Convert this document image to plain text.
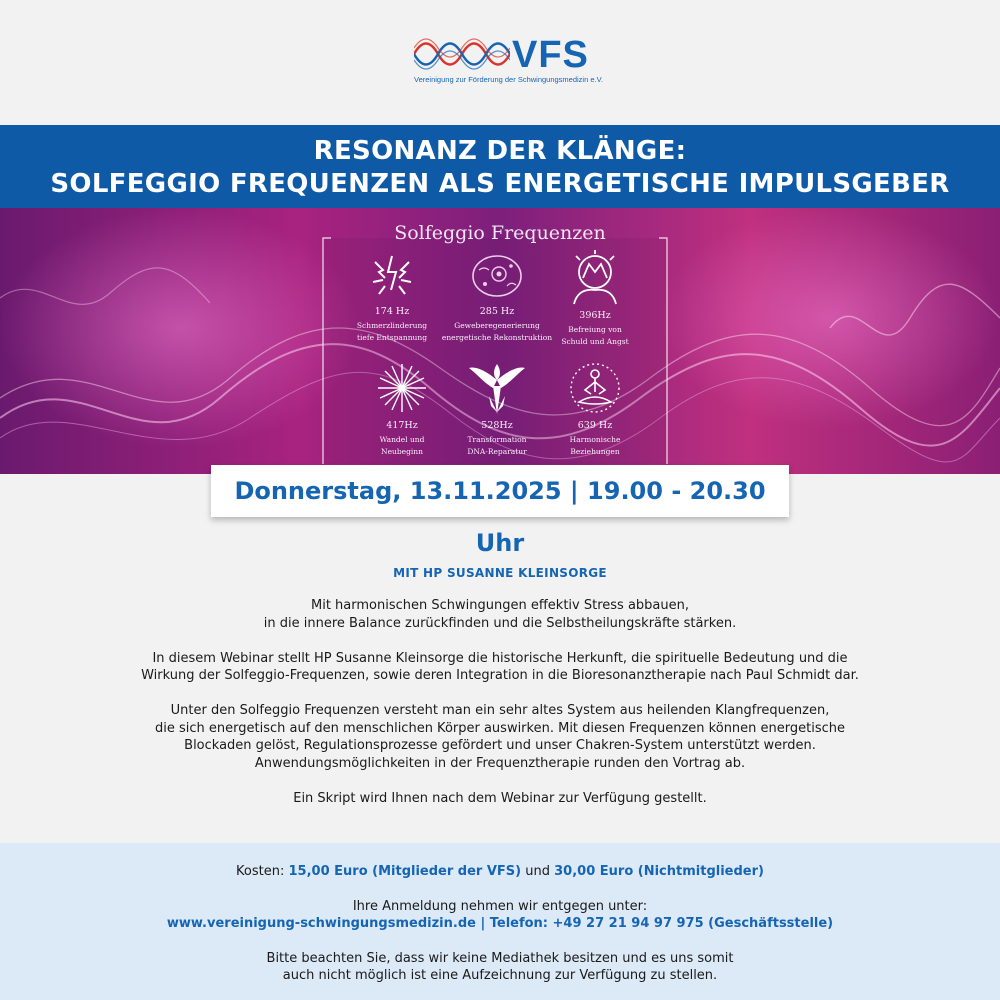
VFS
Vereinigung zur Förderung der Schwingungsmedizin e.V.
RESONANZ DER KLÄNGE:
SOLFEGGIO FREQUENZEN ALS ENERGETISCHE IMPULSGEBER
Solfeggio Frequenzen
174 Hz
Schmerzlinderung
tiefe Entspannung
285 Hz
Geweberegenerierung
energetische Rekonstruktion
396Hz
Befreiung von
Schuld und Angst
417Hz
Wandel und
Neubeginn
528Hz
Transformation
DNA-Reparatur
639 Hz
Harmonische
Beziehungen
Donnerstag, 13.11.2025 | 19.00 - 20.30 Uhr
MIT HP SUSANNE KLEINSORGE

Mit harmonischen Schwingungen effektiv Stress abbauen,
in die innere Balance zurückfinden und die Selbstheilungskräfte stärken.

In diesem Webinar stellt HP Susanne Kleinsorge die historische Herkunft, die spirituelle Bedeutung und die
Wirkung der Solfeggio-Frequenzen, sowie deren Integration in die Bioresonanztherapie nach Paul Schmidt dar.

Unter den Solfeggio Frequenzen versteht man ein sehr altes System aus heilenden Klangfrequenzen,
die sich energetisch auf den menschlichen Körper auswirken. Mit diesen Frequenzen können energetische
Blockaden gelöst, Regulationsprozesse gefördert und unser Chakren-System unterstützt werden.
Anwendungsmöglichkeiten in der Frequenztherapie runden den Vortrag ab.

Ein Skript wird Ihnen nach dem Webinar zur Verfügung gestellt.

Kosten: 15,00 Euro (Mitglieder der VFS) und 30,00 Euro (Nichtmitglieder)

Ihre Anmeldung nehmen wir entgegen unter:

www.vereinigung-schwingungsmedizin.de | Telefon: +49 27 21 94 97 975 (Geschäftsstelle)

Bitte beachten Sie, dass wir keine Mediathek besitzen und es uns somit

auch nicht möglich ist eine Aufzeichnung zur Verfügung zu stellen.
